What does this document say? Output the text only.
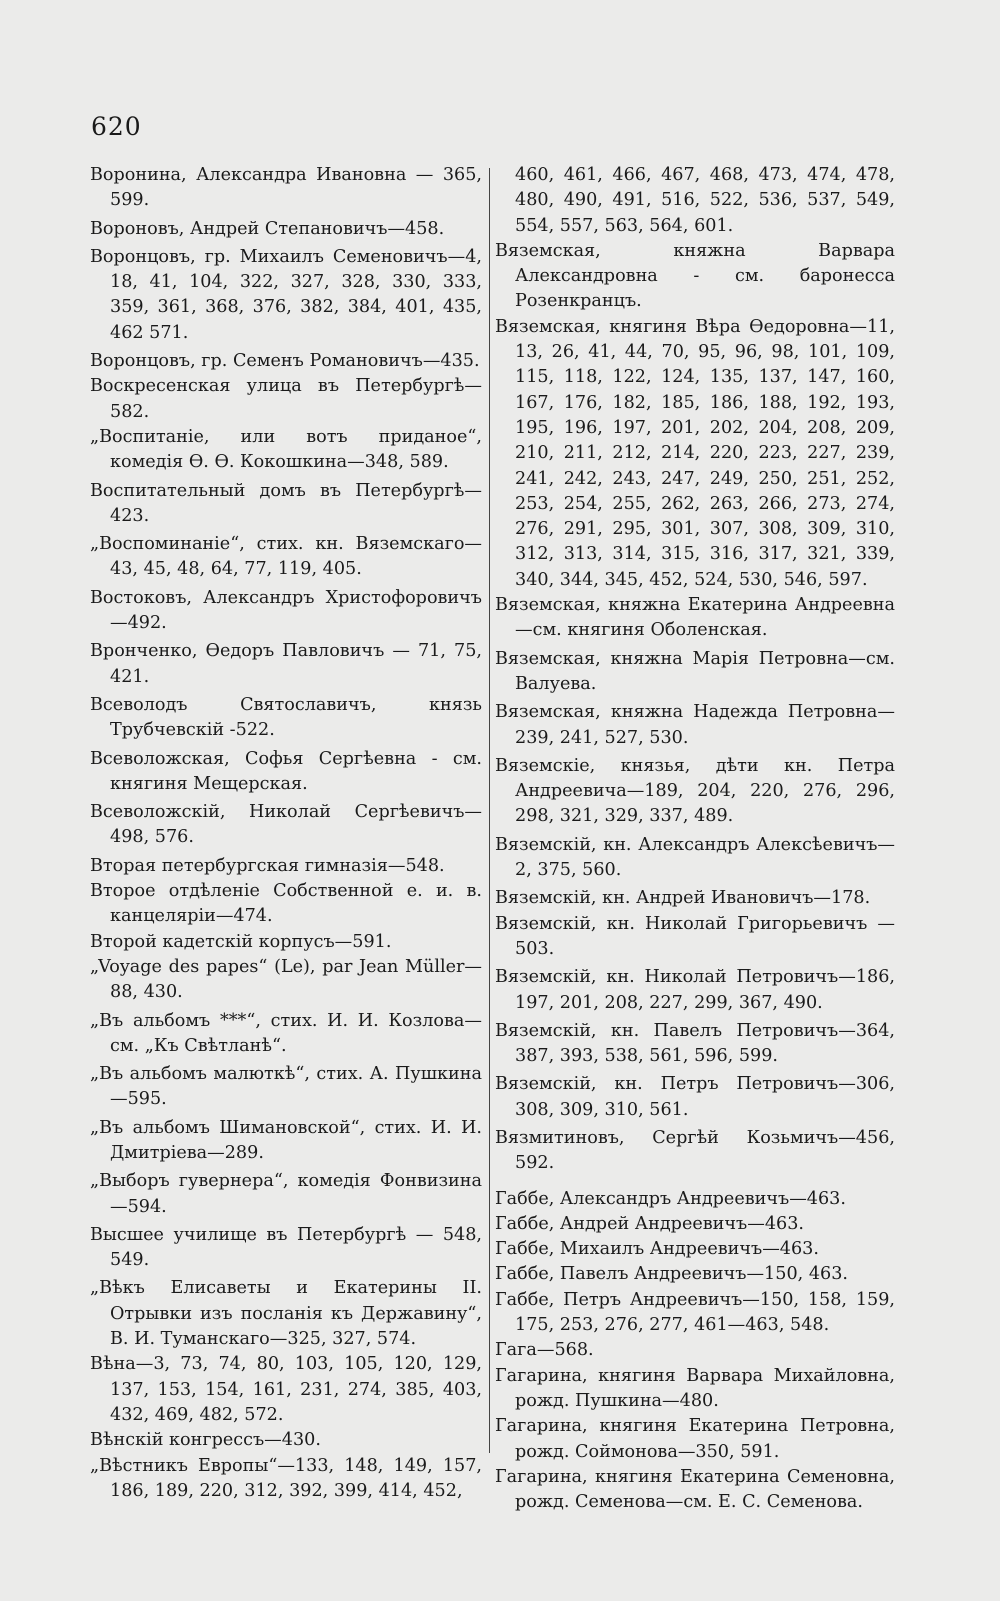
620

Воронина, Александра Ивановна — 365, 599.

Вороновъ, Андрей Степановичъ—458.

Воронцовъ, гр. Михаилъ Семеновичъ—4, 18, 41, 104, 322, 327, 328, 330, 333, 359, 361, 368, 376, 382, 384, 401, 435, 462 571.

Воронцовъ, гр. Семенъ Романовичъ—435.

Воскресенская улица въ Петербургѣ—582.

„Воспитаніе, или вотъ приданое“, комедія Ѳ. Ѳ. Кокошкина—348, 589.

Воспитательный домъ въ Петербургѣ—423.

„Воспоминаніе“, стих. кн. Вяземскаго—43, 45, 48, 64, 77, 119, 405.

Востоковъ, Александръ Христофоровичъ—492.

Вронченко, Ѳедоръ Павловичъ — 71, 75, 421.

Всеволодъ Святославичъ, князь Трубчевскій -522.

Всеволожская, Софья Сергѣевна - см. княгиня Мещерская.

Всеволожскій, Николай Сергѣевичъ—498, 576.

Вторая петербургская гимназія—548.

Второе отдѣленіе Собственной е. и. в. канцеляріи—474.

Второй кадетскій корпусъ—591.

„Voyage des papes“ (Le), par Jean Müller—88, 430.

„Въ альбомъ ***“, стих. И. И. Козлова—см. „Къ Свѣтланѣ“.

„Въ альбомъ малюткѣ“, стих. А. Пушкина—595.

„Въ альбомъ Шимановской“, стих. И. И. Дмитріева—289.

„Выборъ гувернера“, комедія Фонвизина—594.

Высшее училище въ Петербургѣ — 548, 549.

„Вѣкъ Елисаветы и Екатерины II. Отрывки изъ посланія къ Державину“, В. И. Туманскаго—325, 327, 574.

Вѣна—3, 73, 74, 80, 103, 105, 120, 129, 137, 153, 154, 161, 231, 274, 385, 403, 432, 469, 482, 572.

Вѣнскій конгрессъ—430.

„Вѣстникъ Европы“—133, 148, 149, 157, 186, 189, 220, 312, 392, 399, 414, 452,

460, 461, 466, 467, 468, 473, 474, 478, 480, 490, 491, 516, 522, 536, 537, 549, 554, 557, 563, 564, 601.

Вяземская, княжна Варвара Александровна - см. баронесса Розенкранцъ.

Вяземская, княгиня Вѣра Ѳедоровна—11, 13, 26, 41, 44, 70, 95, 96, 98, 101, 109, 115, 118, 122, 124, 135, 137, 147, 160, 167, 176, 182, 185, 186, 188, 192, 193, 195, 196, 197, 201, 202, 204, 208, 209, 210, 211, 212, 214, 220, 223, 227, 239, 241, 242, 243, 247, 249, 250, 251, 252, 253, 254, 255, 262, 263, 266, 273, 274, 276, 291, 295, 301, 307, 308, 309, 310, 312, 313, 314, 315, 316, 317, 321, 339, 340, 344, 345, 452, 524, 530, 546, 597.

Вяземская, княжна Екатерина Андреевна—см. княгиня Оболенская.

Вяземская, княжна Марія Петровна—см. Валуева.

Вяземская, княжна Надежда Петровна—239, 241, 527, 530.

Вяземскіе, князья, дѣти кн. Петра Андреевича—189, 204, 220, 276, 296, 298, 321, 329, 337, 489.

Вяземскій, кн. Александръ Алексѣевичъ—2, 375, 560.

Вяземскій, кн. Андрей Ивановичъ—178.

Вяземскій, кн. Николай Григорьевичъ — 503.

Вяземскій, кн. Николай Петровичъ—186, 197, 201, 208, 227, 299, 367, 490.

Вяземскій, кн. Павелъ Петровичъ—364, 387, 393, 538, 561, 596, 599.

Вяземскій, кн. Петръ Петровичъ—306, 308, 309, 310, 561.

Вязмитиновъ, Сергѣй Козьмичъ—456, 592.

Габбе, Александръ Андреевичъ—463.

Габбе, Андрей Андреевичъ—463.

Габбе, Михаилъ Андреевичъ—463.

Габбе, Павелъ Андреевичъ—150, 463.

Габбе, Петръ Андреевичъ—150, 158, 159, 175, 253, 276, 277, 461—463, 548.

Гага—568.

Гагарина, княгиня Варвара Михайловна, рожд. Пушкина—480.

Гагарина, княгиня Екатерина Петровна, рожд. Соймонова—350, 591.

Гагарина, княгиня Екатерина Семеновна, рожд. Семенова—см. Е. С. Семенова.
